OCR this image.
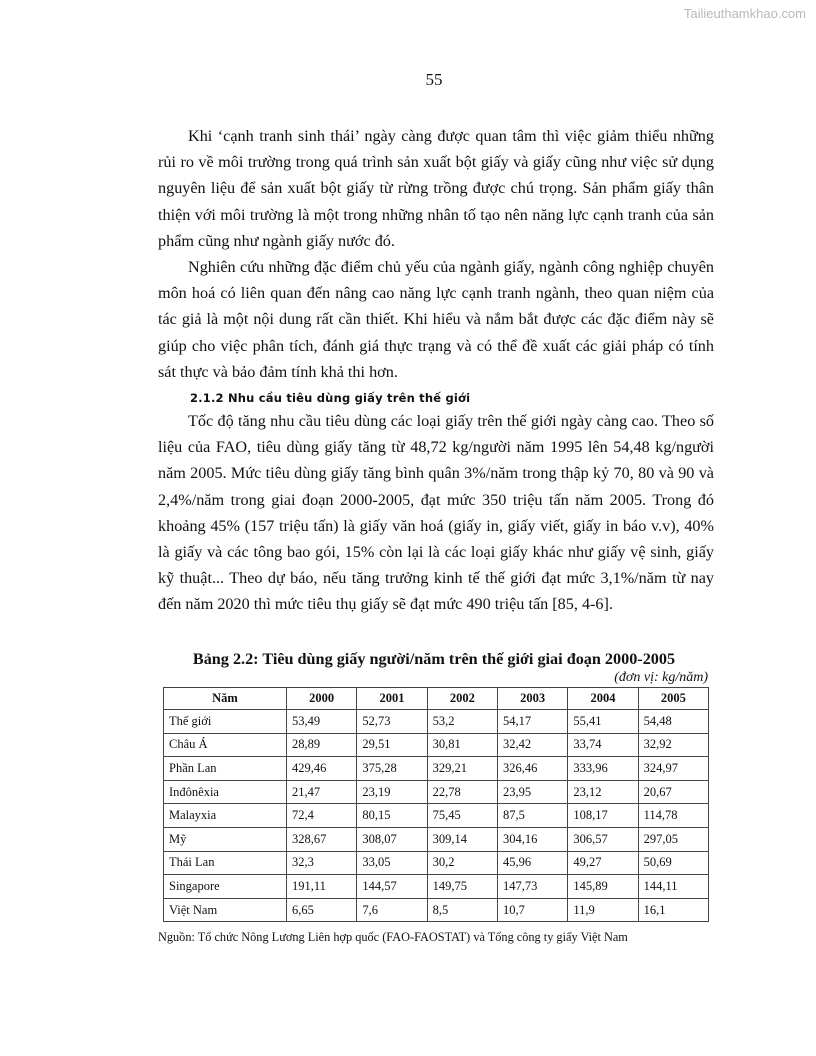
Tailieuthamkhao.com
55

Khi ‘cạnh tranh sinh thái’ ngày càng được quan tâm thì việc giảm thiểu những rủi ro về môi trường trong quá trình sản xuất bột giấy và giấy cũng như việc sử dụng nguyên liệu để sản xuất bột giấy từ rừng trồng được chú trọng. Sản phẩm giấy thân thiện với môi trường là một trong những nhân tố tạo nên năng lực cạnh tranh của sản phẩm cũng như ngành giấy nước đó.

Nghiên cứu những đặc điểm chủ yếu của ngành giấy, ngành công nghiệp chuyên môn hoá có liên quan đến nâng cao năng lực cạnh tranh ngành, theo quan niệm của tác giả là một nội dung rất cần thiết. Khi hiểu và nắm bắt được các đặc điểm này sẽ giúp cho việc phân tích, đánh giá thực trạng và có thể đề xuất các giải pháp có tính sát thực và bảo đảm tính khả thi hơn.

2.1.2 Nhu cầu tiêu dùng giấy trên thế giới

Tốc độ tăng nhu cầu tiêu dùng các loại giấy trên thế giới ngày càng cao. Theo số liệu của FAO, tiêu dùng giấy tăng từ 48,72 kg/người năm 1995 lên 54,48 kg/người năm 2005. Mức tiêu dùng giấy tăng bình quân 3%/năm trong thập kỷ 70, 80 và 90 và 2,4%/năm trong giai đoạn 2000-2005, đạt mức 350 triệu tấn năm 2005. Trong đó khoảng 45% (157 triệu tấn) là giấy văn hoá (giấy in, giấy viết, giấy in báo v.v), 40% là giấy và các tông bao gói, 15% còn lại là các loại giấy khác như giấy vệ sinh, giấy kỹ thuật... Theo dự báo, nếu tăng trưởng kinh tế thế giới đạt mức 3,1%/năm từ nay đến năm 2020 thì mức tiêu thụ giấy sẽ đạt mức 490 triệu tấn [85, 4-6].

Bảng 2.2: Tiêu dùng giấy người/năm trên thế giới giai đoạn 2000-2005
(đơn vị: kg/năm)
Năm	2000	2001	2002	2003	2004	2005
Thế giới	53,49	52,73	53,2	54,17	55,41	54,48
Châu Á	28,89	29,51	30,81	32,42	33,74	32,92
Phần Lan	429,46	375,28	329,21	326,46	333,96	324,97
Inđônêxia	21,47	23,19	22,78	23,95	23,12	20,67
Malayxia	72,4	80,15	75,45	87,5	108,17	114,78
Mỹ	328,67	308,07	309,14	304,16	306,57	297,05
Thái Lan	32,3	33,05	30,2	45,96	49,27	50,69
Singapore	191,11	144,57	149,75	147,73	145,89	144,11
Việt Nam	6,65	7,6	8,5	10,7	11,9	16,1
Nguồn: Tổ chức Nông Lương Liên hợp quốc (FAO-FAOSTAT) và Tổng công ty giấy Việt Nam
